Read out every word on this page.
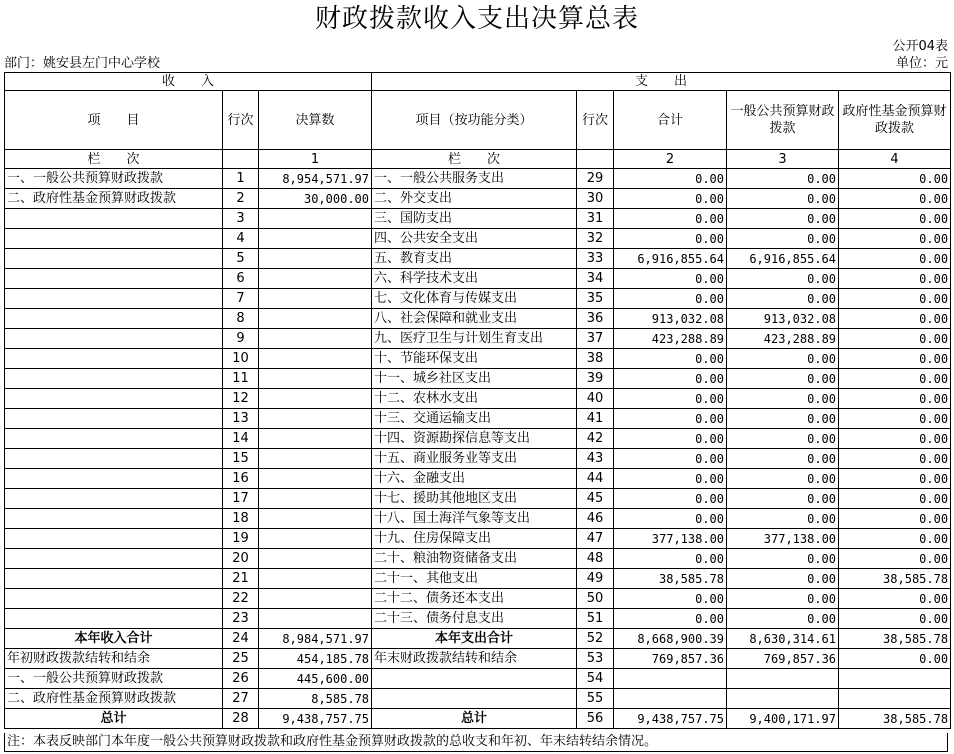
财政拨款收入支出决算总表
公开04表
单位：元
部门：姚安县左门中心学校
收　　入			支　　出				
项　　目	行次	决算数	项目（按功能分类）	行次	合计	一般公共预算财政拨款	政府性基金预算财政拨款
栏　　次		1	栏　　次		2	3	4
一、一般公共预算财政拨款	1	8,954,571.97	一、一般公共服务支出	29	0.00	0.00	0.00
二、政府性基金预算财政拨款	2	30,000.00	二、外交支出	30	0.00	0.00	0.00
	3		三、国防支出	31	0.00	0.00	0.00
	4		四、公共安全支出	32	0.00	0.00	0.00
	5		五、教育支出	33	6,916,855.64	6,916,855.64	0.00
	6		六、科学技术支出	34	0.00	0.00	0.00
	7		七、文化体育与传媒支出	35	0.00	0.00	0.00
	8		八、社会保障和就业支出	36	913,032.08	913,032.08	0.00
	9		九、医疗卫生与计划生育支出	37	423,288.89	423,288.89	0.00
	10		十、节能环保支出	38	0.00	0.00	0.00
	11		十一、城乡社区支出	39	0.00	0.00	0.00
	12		十二、农林水支出	40	0.00	0.00	0.00
	13		十三、交通运输支出	41	0.00	0.00	0.00
	14		十四、资源勘探信息等支出	42	0.00	0.00	0.00
	15		十五、商业服务业等支出	43	0.00	0.00	0.00
	16		十六、金融支出	44	0.00	0.00	0.00
	17		十七、援助其他地区支出	45	0.00	0.00	0.00
	18		十八、国土海洋气象等支出	46	0.00	0.00	0.00
	19		十九、住房保障支出	47	377,138.00	377,138.00	0.00
	20		二十、粮油物资储备支出	48	0.00	0.00	0.00
	21		二十一、其他支出	49	38,585.78	0.00	38,585.78
	22		二十二、债务还本支出	50	0.00	0.00	0.00
	23		二十三、债务付息支出	51	0.00	0.00	0.00
本年收入合计	24	8,984,571.97	本年支出合计	52	8,668,900.39	8,630,314.61	38,585.78
年初财政拨款结转和结余	25	454,185.78	年末财政拨款结转和结余	53	769,857.36	769,857.36	0.00
一、一般公共预算财政拨款	26	445,600.00		54			
二、政府性基金预算财政拨款	27	8,585.78		55			
总计	28	9,438,757.75	总计	56	9,438,757.75	9,400,171.97	38,585.78
注：本表反映部门本年度一般公共预算财政拨款和政府性基金预算财政拨款的总收支和年初、年末结转结余情况。
